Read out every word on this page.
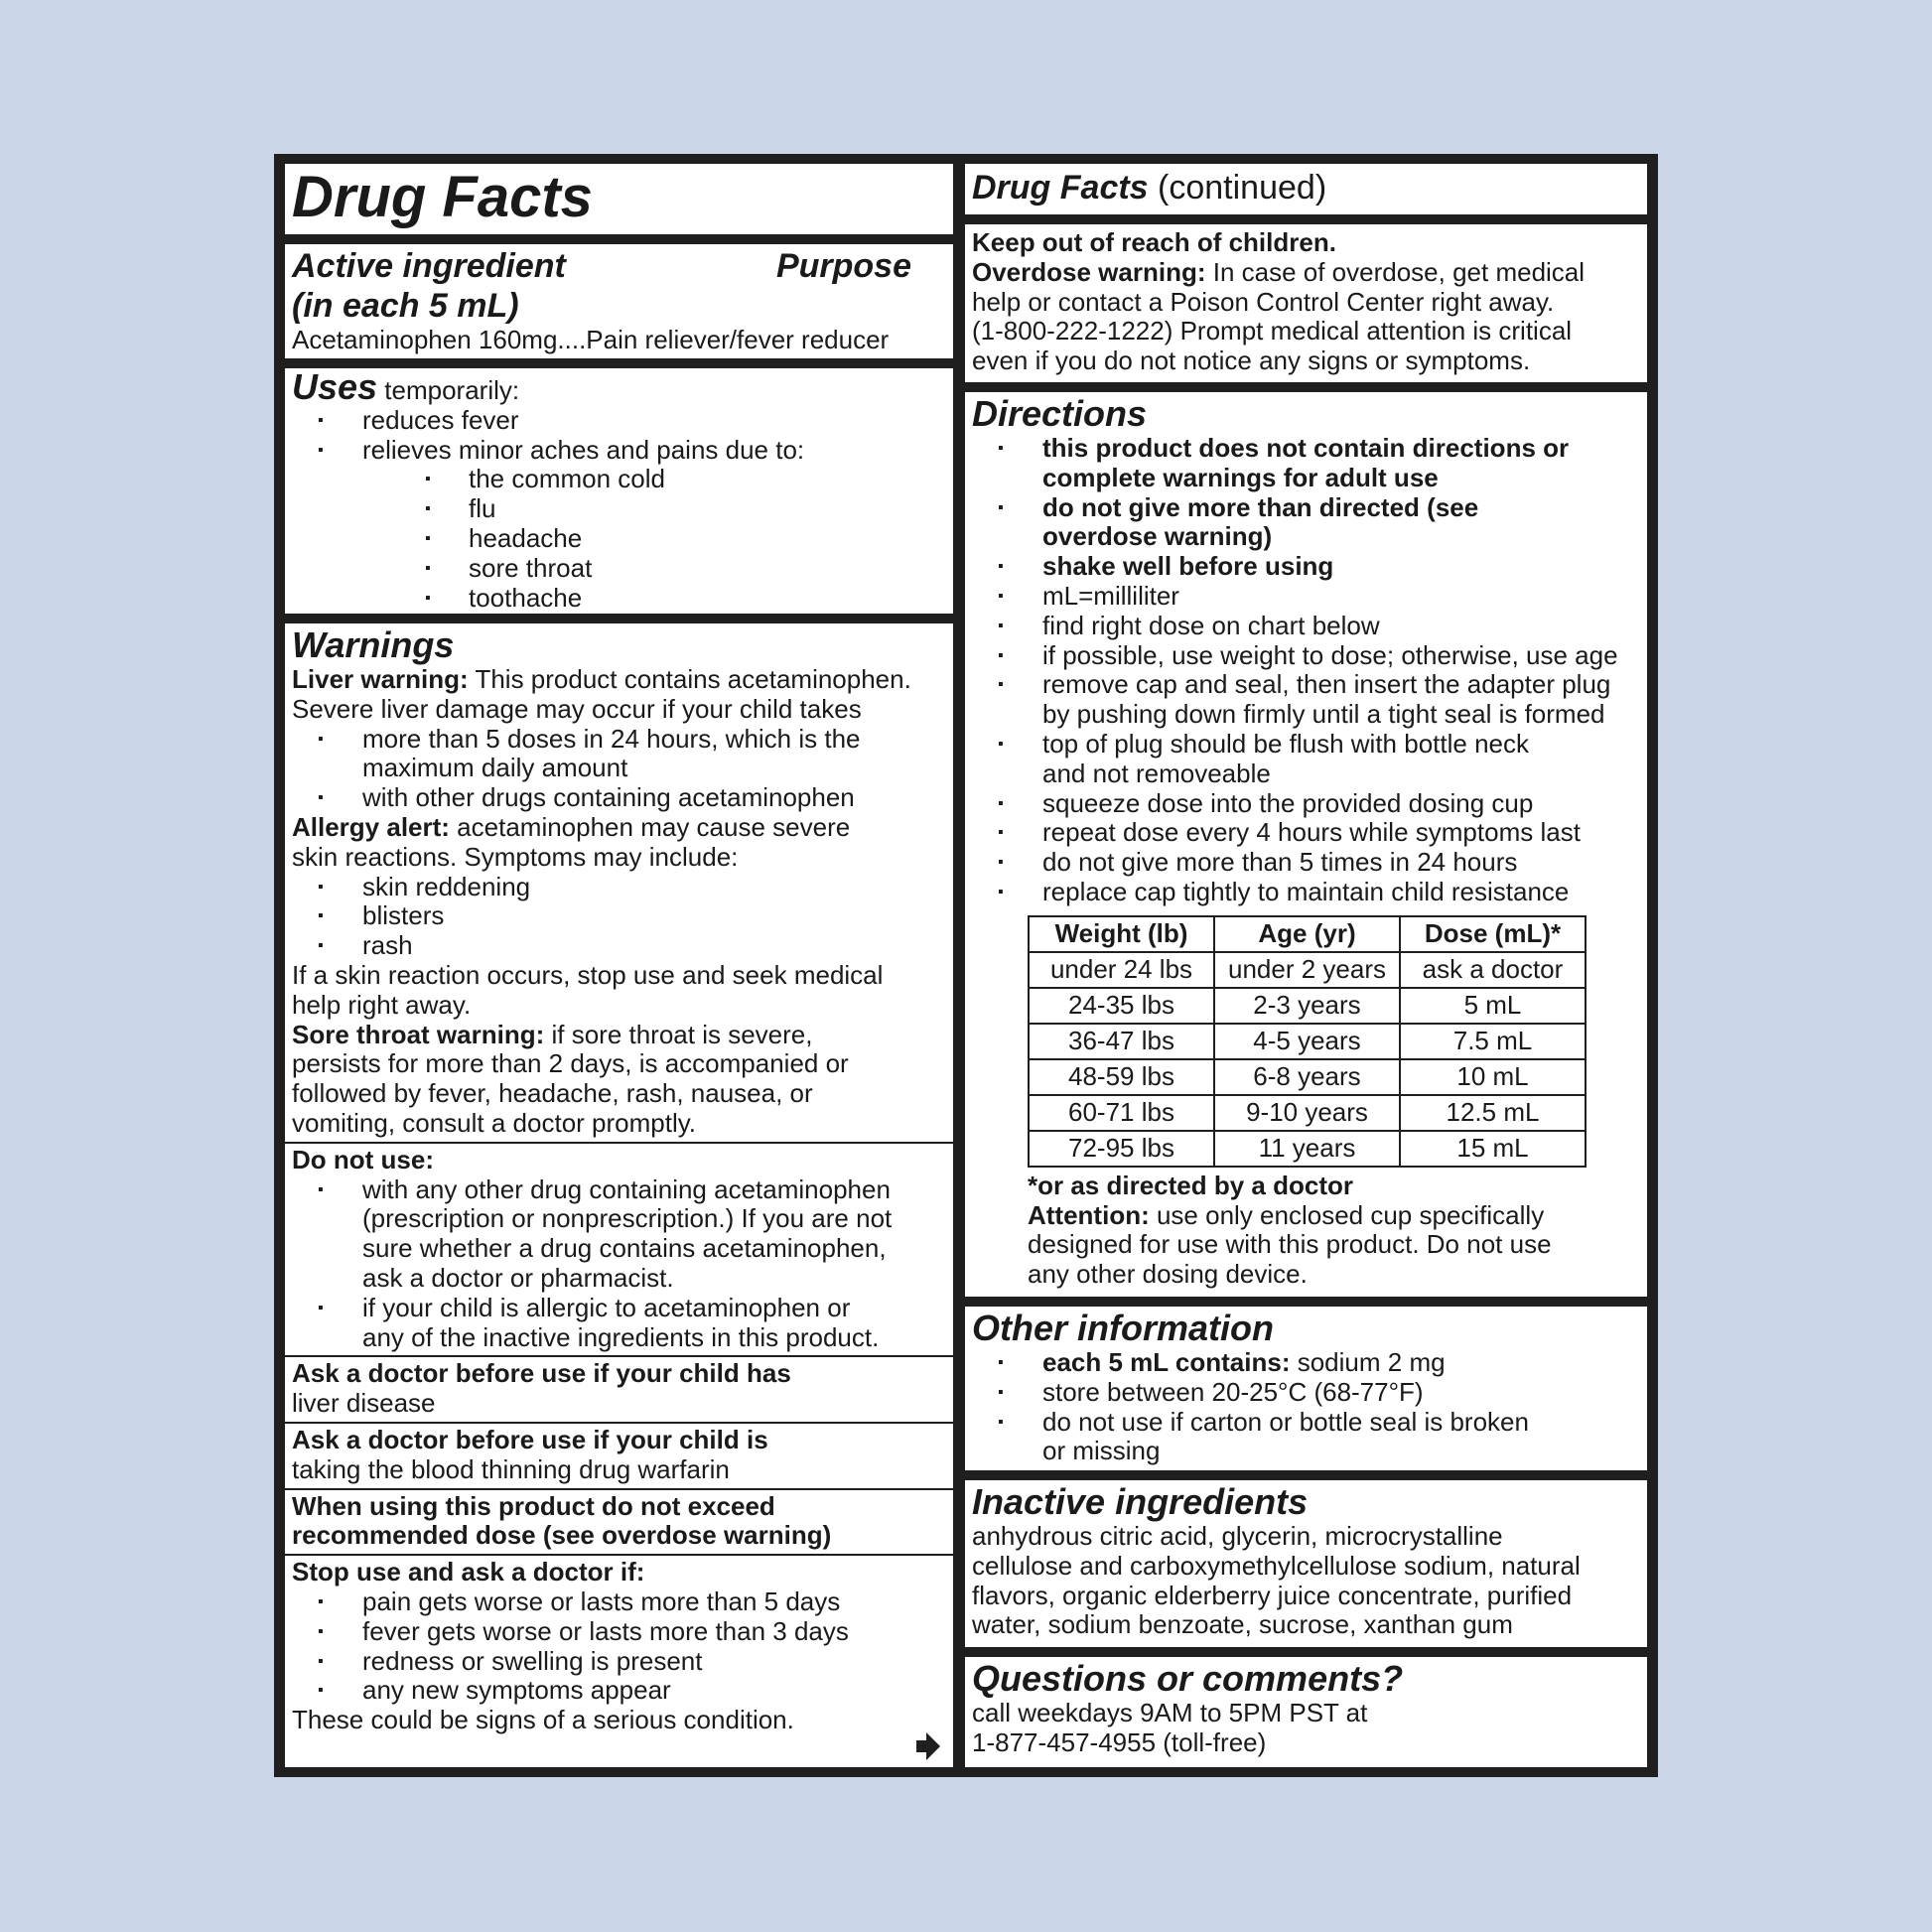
Drug Facts
Active ingredient	Purpose
(in each 5 mL)
Acetaminophen 160mg....Pain reliever/fever reducer
Uses temporarily:
▪ reduces fever
▪ relieves minor aches and pains due to:
▪ the common cold
▪ flu
▪ headache
▪ sore throat
▪ toothache
Warnings
Liver warning: This product contains acetaminophen.
Severe liver damage may occur if your child takes
▪ more than 5 doses in 24 hours, which is the
maximum daily amount
▪ with other drugs containing acetaminophen
Allergy alert: acetaminophen may cause severe
skin reactions. Symptoms may include:
▪ skin reddening
▪ blisters
▪ rash
If a skin reaction occurs, stop use and seek medical
help right away.
Sore throat warning: if sore throat is severe,
persists for more than 2 days, is accompanied or
followed by fever, headache, rash, nausea, or
vomiting, consult a doctor promptly.
Do not use:
▪ with any other drug containing acetaminophen
(prescription or nonprescription.) If you are not
sure whether a drug contains acetaminophen,
ask a doctor or pharmacist.
▪ if your child is allergic to acetaminophen or
any of the inactive ingredients in this product.
Ask a doctor before use if your child has
liver disease
Ask a doctor before use if your child is
taking the blood thinning drug warfarin
When using this product do not exceed
recommended dose (see overdose warning)
Stop use and ask a doctor if:
▪ pain gets worse or lasts more than 5 days
▪ fever gets worse or lasts more than 3 days
▪ redness or swelling is present
▪ any new symptoms appear
These could be signs of a serious condition.
Drug Facts (continued)
Keep out of reach of children.
Overdose warning: In case of overdose, get medical
help or contact a Poison Control Center right away.
(1-800-222-1222) Prompt medical attention is critical
even if you do not notice any signs or symptoms.
Directions
▪ this product does not contain directions or
complete warnings for adult use
▪ do not give more than directed (see
overdose warning)
▪ shake well before using
▪ mL=milliliter
▪ find right dose on chart below
▪ if possible, use weight to dose; otherwise, use age
▪ remove cap and seal, then insert the adapter plug
by pushing down firmly until a tight seal is formed
▪ top of plug should be flush with bottle neck
and not removeable
▪ squeeze dose into the provided dosing cup
▪ repeat dose every 4 hours while symptoms last
▪ do not give more than 5 times in 24 hours
▪ replace cap tightly to maintain child resistance
Weight (lb)	Age (yr)	Dose (mL)*
under 24 lbs	under 2 years	ask a doctor
24-35 lbs	2-3 years	5 mL
36-47 lbs	4-5 years	7.5 mL
48-59 lbs	6-8 years	10 mL
60-71 lbs	9-10 years	12.5 mL
72-95 lbs	11 years	15 mL
*or as directed by a doctor
Attention: use only enclosed cup specifically
designed for use with this product. Do not use
any other dosing device.
Other information
▪ each 5 mL contains: sodium 2 mg
▪ store between 20-25°C (68-77°F)
▪ do not use if carton or bottle seal is broken
or missing
Inactive ingredients
anhydrous citric acid, glycerin, microcrystalline
cellulose and carboxymethylcellulose sodium, natural
flavors, organic elderberry juice concentrate, purified
water, sodium benzoate, sucrose, xanthan gum
Questions or comments?
call weekdays 9AM to 5PM PST at
1-877-457-4955 (toll-free)
